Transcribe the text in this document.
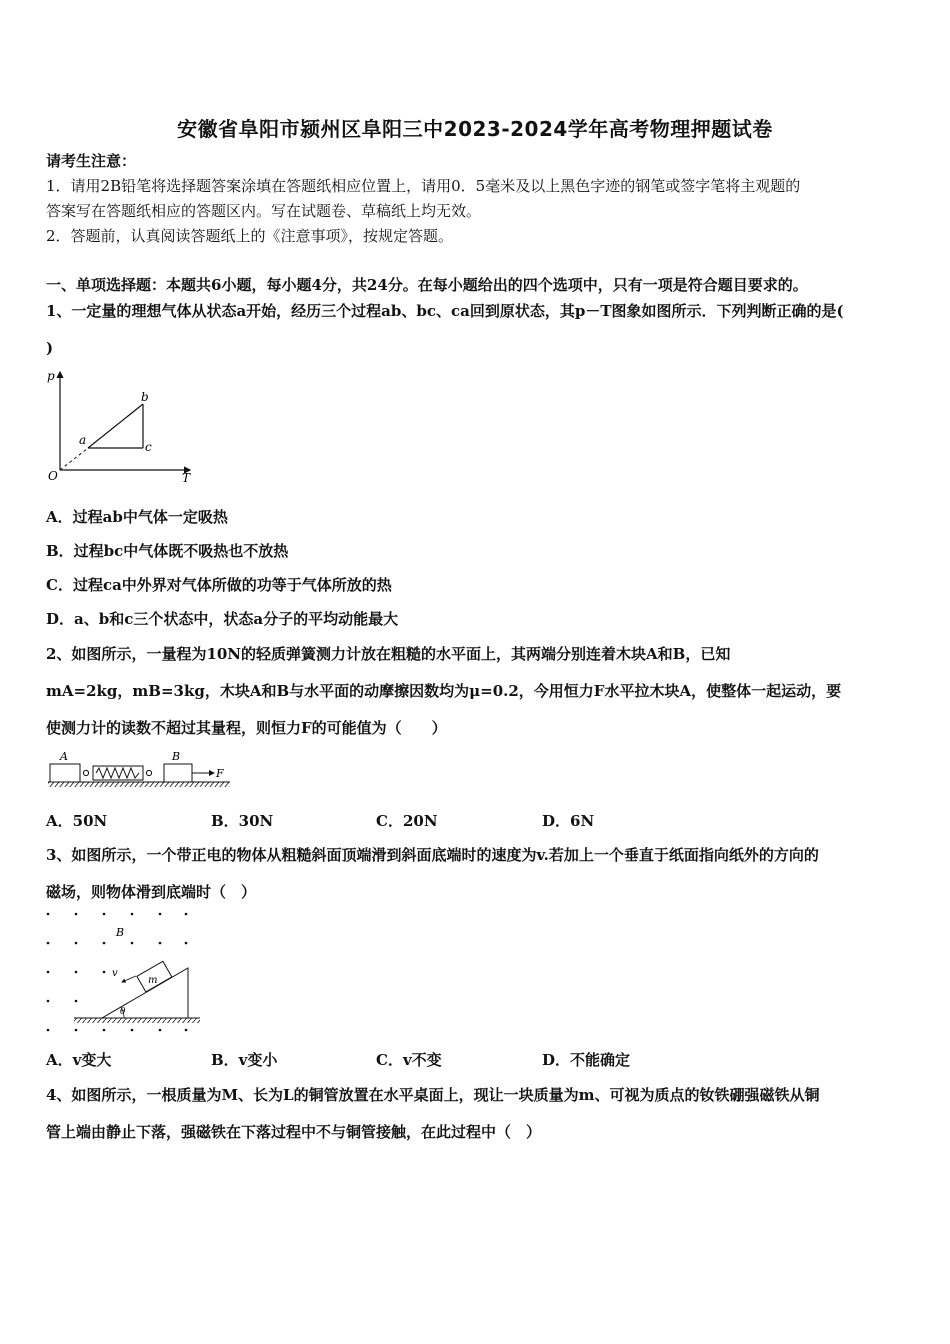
安徽省阜阳市颍州区阜阳三中2023-2024学年高考物理押题试卷
请考生注意：
1．请用2B铅笔将选择题答案涂填在答题纸相应位置上，请用0．5毫米及以上黑色字迹的钢笔或签字笔将主观题的
答案写在答题纸相应的答题区内。写在试题卷、草稿纸上均无效。
2．答题前，认真阅读答题纸上的《注意事项》，按规定答题。
一、单项选择题：本题共6小题，每小题4分，共24分。在每小题给出的四个选项中，只有一项是符合题目要求的。
1、一定量的理想气体从状态a开始，经历三个过程ab、bc、ca回到原状态，其p－T图象如图所示．下列判断正确的是(
)
p
T
O
a
b
c
A．过程ab中气体一定吸热
B．过程bc中气体既不吸热也不放热
C．过程ca中外界对气体所做的功等于气体所放的热
D．a、b和c三个状态中，状态a分子的平均动能最大
2、如图所示，一量程为10N的轻质弹簧测力计放在粗糙的水平面上，其两端分别连着木块A和B，已知
mA=2kg，mB=3kg，木块A和B与水平面的动摩擦因数均为μ=0.2，今用恒力F水平拉木块A，使整体一起运动，要
使测力计的读数不超过其量程，则恒力F的可能值为（　　）
A	B
F
A．50N	B．30N	C．20N	D．6N
3、如图所示，一个带正电的物体从粗糙斜面顶端滑到斜面底端时的速度为v.若加上一个垂直于纸面指向纸外的方向的
磁场，则物体滑到底端时（　）
B
v
m
θ
A．v变大	B．v变小	C．v不变	D．不能确定
4、如图所示，一根质量为M、长为L的铜管放置在水平桌面上，现让一块质量为m、可视为质点的钕铁硼强磁铁从铜
管上端由静止下落，强磁铁在下落过程中不与铜管接触，在此过程中（　）
